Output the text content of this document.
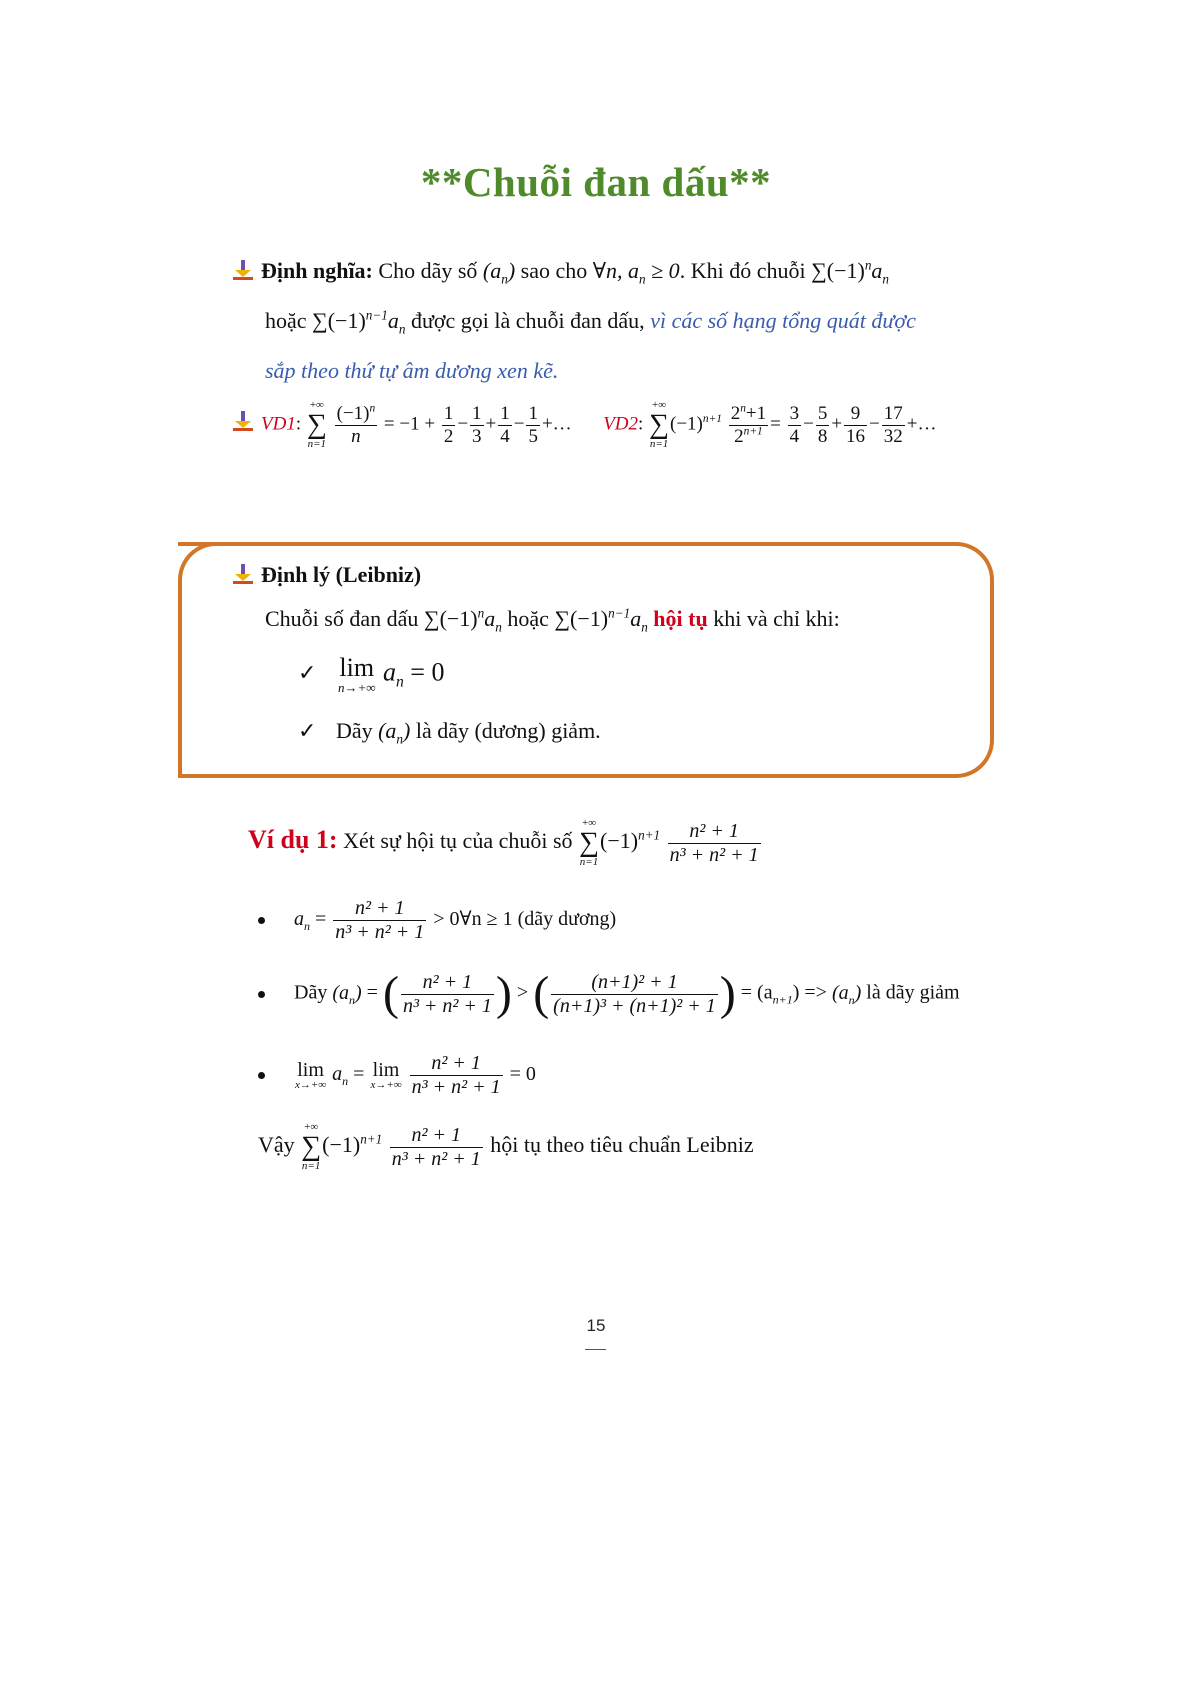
**Chuỗi đan dấu**
Định nghĩa: Cho dãy số $(a_n)$ sao cho ∀n, $a_n \ge 0$. Khi đó chuỗi $\sum(-1)^na_n$
hoặc $\sum(-1)^{n-1}a_n$ được gọi là chuỗi đan dấu, vì các số hạng tổng quát được
sắp theo thứ tự âm dương xen kẽ.
VD1:
+∞
∑
n=1
$\frac{(-1)^n}{n} = -1 + \frac{1}{2} - \frac{1}{3} + \frac{1}{4} - \frac{1}{5}$ +… VD2:
+∞
∑
n=1
$(-1)^{n+1} \frac{2^n+1}{2^{n+1}} = \frac{3}{4} - \frac{5}{8} + \frac{9}{16} - \frac{17}{32}$ +…
Định lý (Leibniz)
Chuỗi số đan dấu $\sum(-1)^na_n$ hoặc $\sum(-1)^{n-1}a_n$ hội tụ khi và chỉ khi:
✓ lim
n→+∞
$a_n = 0$
✓ Dãy $(a_n)$ là dãy (dương) giảm.
Ví dụ 1: Xét sự hội tụ của chuỗi số
+∞
∑
n=1
$(-1)^{n+1} \frac{\text{n² + 1}}{\text{n³ + n² + 1}}$
$a_n = \frac{\text{n² + 1}}{\text{n³ + n² + 1}}$ > 0∀n ≥ 1 (dãy dương)
Dãy $(a_n)$ = ( $\frac{\text{n² + 1}}{\text{n³ + n² + 1}}$ ) > ( $\frac{\text{(n+1)² + 1}}{\text{(n+1)³ + (n+1)² + 1}}$ ) = $(a_{n+1}) => (a_n)$ là dãy giảm

lim
x→+∞ $a_n = \lim$
x→+∞
$\frac{\text{n² + 1}}{\text{n³ + n² + 1}} = 0$
Vậy
+∞
∑
n=1
$(-1)^{n+1} \frac{\text{n² + 1}}{\text{n³ + n² + 1}}$ hội tụ theo tiêu chuẩn Leibniz
15
